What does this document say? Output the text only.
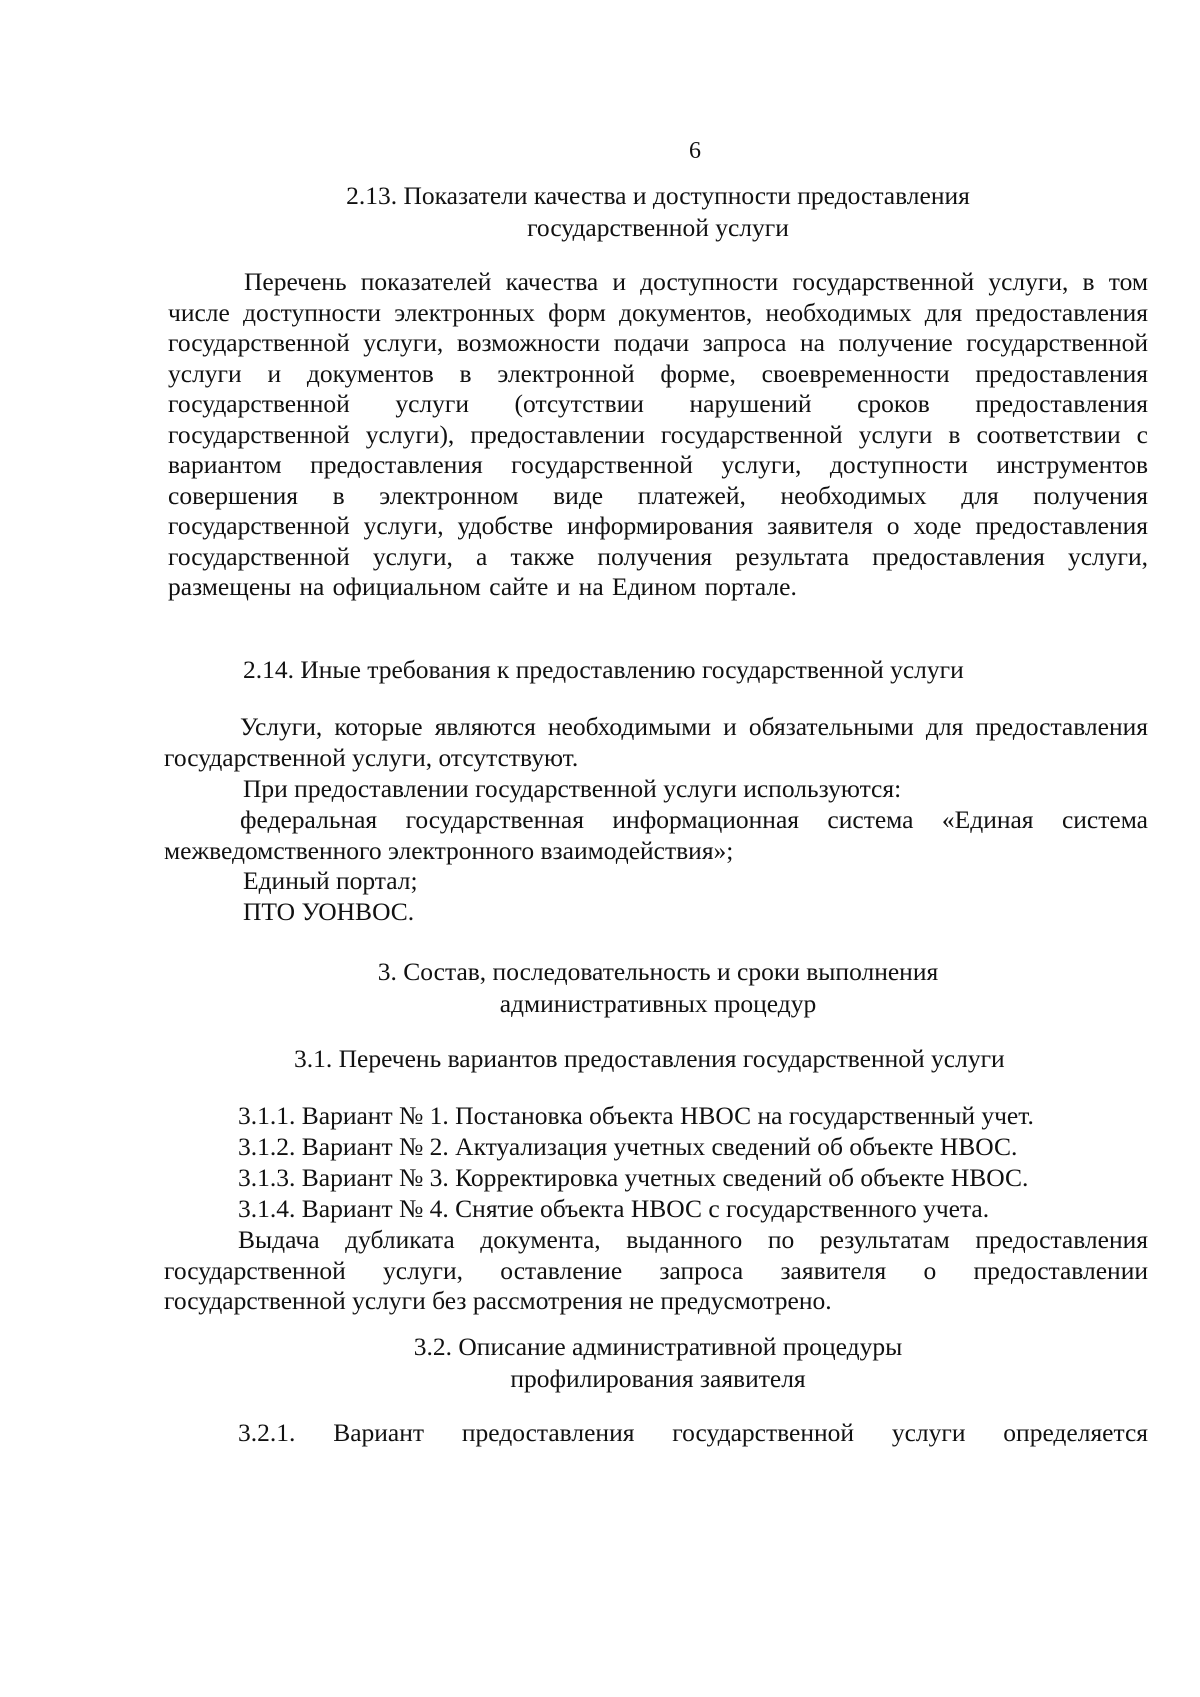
6
2.13. Показатели качества и доступности предоставления
государственной услуги

Перечень показателей качества и доступности государственной услуги, в том числе доступности электронных форм документов, необходимых для предоставления государственной услуги, возможности подачи запроса на получение государственной услуги и документов в электронной форме, своевременности предоставления государственной услуги (отсутствии нарушений сроков предоставления государственной услуги), предоставлении государственной услуги в соответствии с вариантом предоставления государственной услуги, доступности инструментов совершения в электронном виде платежей, необходимых для получения государственной услуги, удобстве информирования заявителя о ходе предоставления государственной услуги, а также получения результата предоставления услуги, размещены на официальном сайте и на Едином портале.

2.14. Иные требования к предоставлению государственной услуги

Услуги, которые являются необходимыми и обязательными для предоставления государственной услуги, отсутствуют.

При предоставлении государственной услуги используются:

федеральная государственная информационная система «Единая система межведомственного электронного взаимодействия»;

Единый портал;

ПТО УОНВОС.

3. Состав, последовательность и сроки выполнения
административных процедур
3.1. Перечень вариантов предоставления государственной услуги

3.1.1. Вариант № 1. Постановка объекта НВОС на государственный учет.

3.1.2. Вариант № 2. Актуализация учетных сведений об объекте НВОС.

3.1.3. Вариант № 3. Корректировка учетных сведений об объекте НВОС.

3.1.4. Вариант № 4. Снятие объекта НВОС с государственного учета.

Выдача дубликата документа, выданного по результатам предоставления государственной услуги, оставление запроса заявителя о предоставлении государственной услуги без рассмотрения не предусмотрено.

3.2. Описание административной процедуры
профилирования заявителя

3.2.1. Вариант предоставления государственной услуги определяется
